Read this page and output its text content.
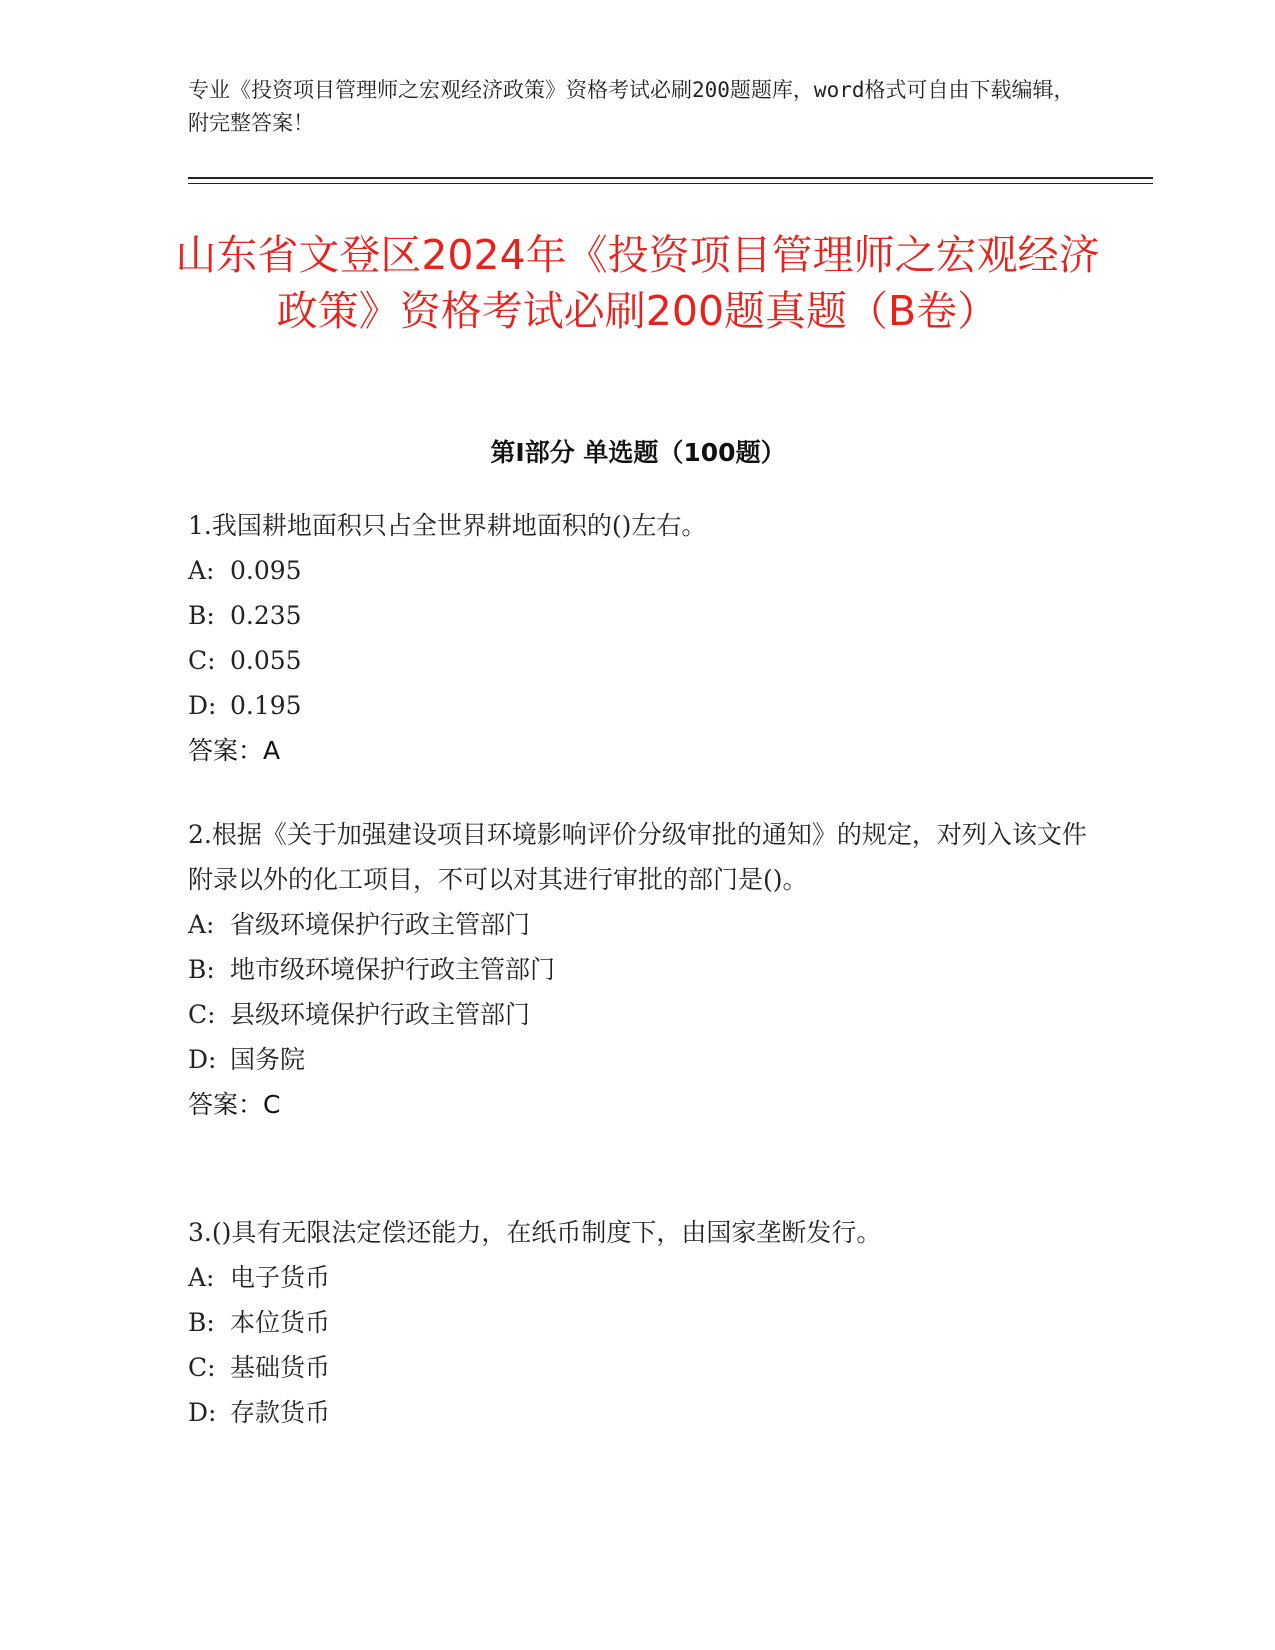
专业《投资项目管理师之宏观经济政策》资格考试必刷200题题库，word格式可自由下载编辑，附完整答案！
山东省文登区2024年《投资项目管理师之宏观经济政策》资格考试必刷200题真题（B卷）
第I部分 单选题（100题）

1.我国耕地面积只占全世界耕地面积的()左右。

A: 0.095
B: 0.235
C: 0.055
D: 0.195
答案：A

2.根据《关于加强建设项目环境影响评价分级审批的通知》的规定，对列入该文件附录以外的化工项目，不可以对其进行审批的部门是()。

A: 省级环境保护行政主管部门
B: 地市级环境保护行政主管部门
C: 县级环境保护行政主管部门
D: 国务院
答案：C

3.()具有无限法定偿还能力，在纸币制度下，由国家垄断发行。

A: 电子货币
B: 本位货币
C: 基础货币
D: 存款货币
